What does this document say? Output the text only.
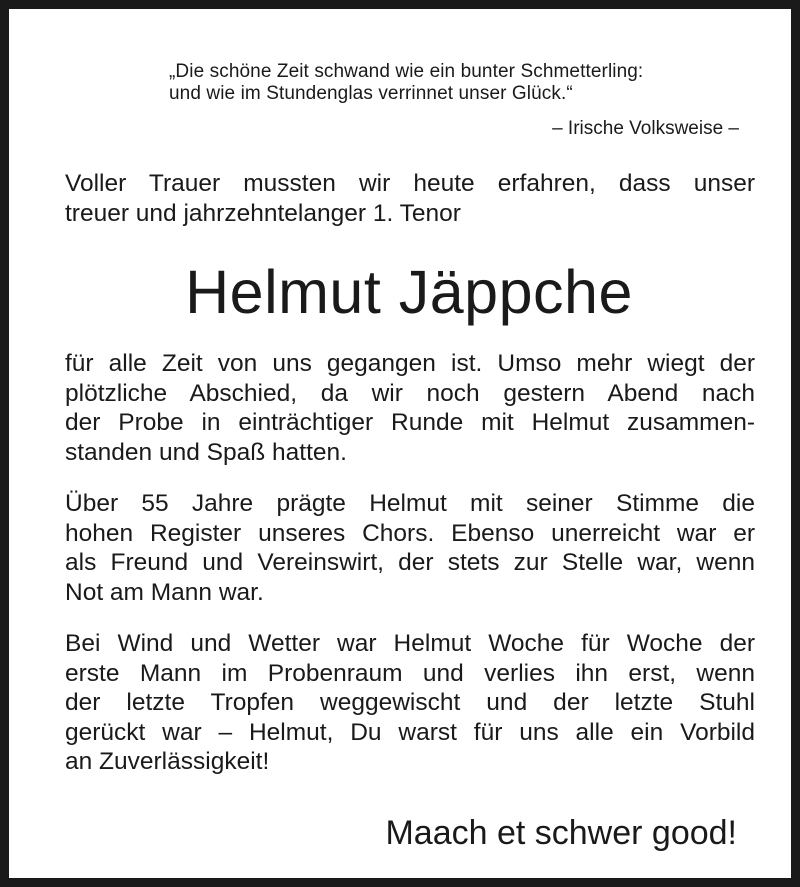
„Die schöne Zeit schwand wie ein bunter Schmetterling:
und wie im Stundenglas verrinnet unser Glück.“
– Irische Volksweise –
Voller Trauer mussten wir heute erfahren, dass unser
treuer und jahrzehntelanger 1. Tenor
Helmut Jäppche
für alle Zeit von uns gegangen ist. Umso mehr wiegt der
plötzliche Abschied, da wir noch gestern Abend nach
der Probe in einträchtiger Runde mit Helmut zusammen-
standen und Spaß hatten.
Über 55 Jahre prägte Helmut mit seiner Stimme die
hohen Register unseres Chors. Ebenso unerreicht war er
als Freund und Vereinswirt, der stets zur Stelle war, wenn
Not am Mann war.
Bei Wind und Wetter war Helmut Woche für Woche der
erste Mann im Probenraum und verlies ihn erst, wenn
der letzte Tropfen weggewischt und der letzte Stuhl
gerückt war – Helmut, Du warst für uns alle ein Vorbild
an Zuverlässigkeit!
Maach et schwer good!
